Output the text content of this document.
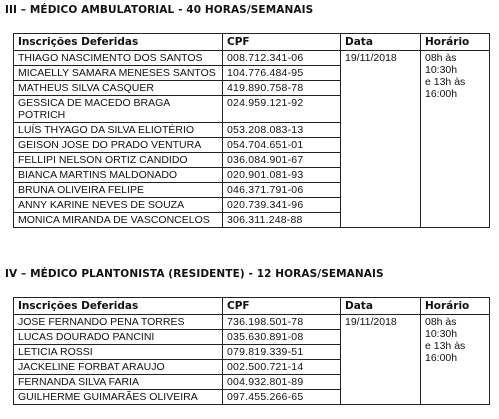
III – MÉDICO AMBULATORIAL - 40 HORAS/SEMANAIS
Inscrições Deferidas	CPF	Data	Horário
THIAGO NASCIMENTO DOS SANTOS	008.712.341-06	19/11/2018	08h às
10:30h
e 13h às
16:00h
MICAELLY SAMARA MENESES SANTOS	104.776.484-95		
MATHEUS SILVA CASQUER	419.890.758-78		
GESSICA DE MACEDO BRAGA POTRICH	024.959.121-92		
LUÍS THYAGO DA SILVA ELIOTÉRIO	053.208.083-13		
GEISON JOSE DO PRADO VENTURA	054.704.651-01		
FELLIPI NELSON ORTIZ CANDIDO	036.084.901-67		
BIANCA MARTINS MALDONADO	020.901.081-93		
BRUNA OLIVEIRA FELIPE	046.371.791-06		
ANNY KARINE NEVES DE SOUZA	020.739.341-96		
MONICA MIRANDA DE VASCONCELOS	306.311.248-88		
IV – MÉDICO PLANTONISTA (RESIDENTE) - 12 HORAS/SEMANAIS
Inscrições Deferidas	CPF	Data	Horário
JOSE FERNANDO PENA TORRES	736.198.501-78	19/11/2018	08h às
10:30h
e 13h às
16:00h
LUCAS DOURADO PANCINI	035.630.891-08		
LETICIA ROSSI	079.819.339-51		
JACKELINE FORBAT ARAUJO	002.500.721-14		
FERNANDA SILVA FARIA	004.932.801-89		
GUILHERME GUIMARÃES OLIVEIRA	097.455.266-65		
